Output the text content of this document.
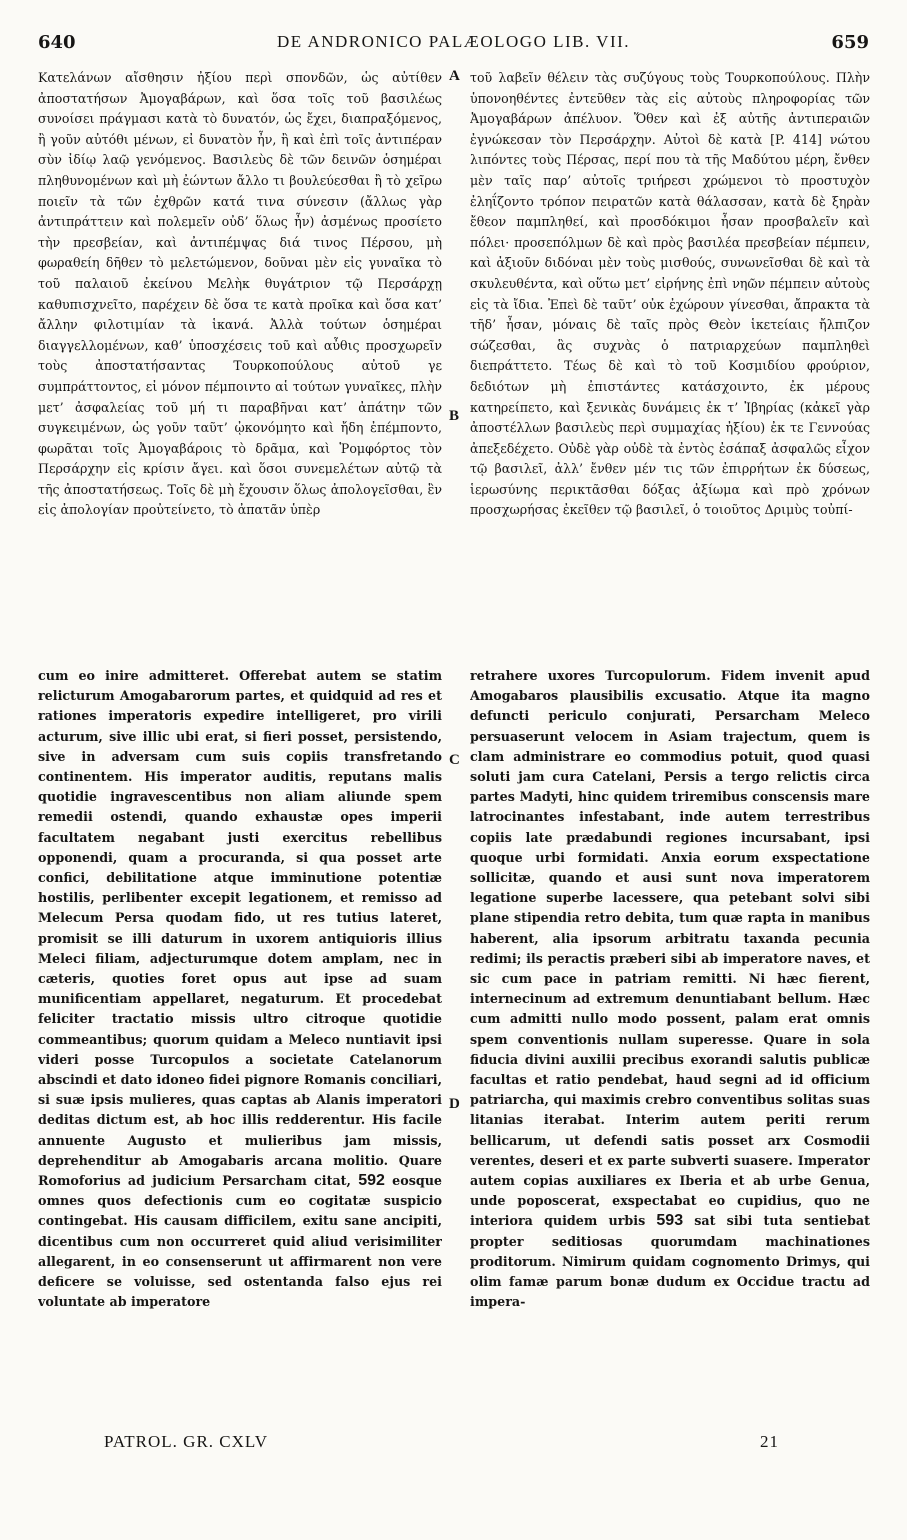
640	DE ANDRONICO PALÆOLOGO LIB. VII.	659

Κατελάνων αἴσθησιν ἠξίου περὶ σπονδῶν, ὡς αὐτίθεν ἀποστατήσων Ἀμογαβάρων, καὶ ὅσα τοῖς τοῦ βασιλέως συνοίσει πράγμασι κατὰ τὸ δυνατόν, ὡς ἔχει, διαπραξόμενος, ἢ γοῦν αὐτόθι μένων, εἰ δυνατὸν ἦν, ἢ καὶ ἐπὶ τοῖς ἀντιπέραν σὺν ἰδίῳ λαῷ γενόμενος. Βασιλεὺς δὲ τῶν δεινῶν ὁσημέραι πληθυνομένων καὶ μὴ ἐώντων ἄλλο τι βουλεύεσθαι ἢ τὸ χεῖρω ποιεῖν τὰ τῶν ἐχθρῶν κατά τινα σύνεσιν (ἄλλως γὰρ ἀντιπράττειν καὶ πολεμεῖν οὐδ’ ὅλως ἦν) ἀσμένως προσίετο τὴν πρεσβείαν, καὶ ἀντιπέμψας διά τινος Πέρσου, μὴ φωραθείη δῆθεν τὸ μελετώμενον, δοῦναι μὲν εἰς γυναῖκα τὸ τοῦ παλαιοῦ ἐκείνου Μελὴκ θυγάτριον τῷ Περσάρχῃ καθυπισχνεῖτο, παρέχειν δὲ ὅσα τε κατὰ προῖκα καὶ ὅσα κατ’ ἄλλην φιλοτιμίαν τὰ ἱκανά. Ἀλλὰ τούτων ὁσημέραι διαγγελλομένων, καθ’ ὑποσχέσεις τοῦ καὶ αὖθις προσχωρεῖν τοὺς ἀποστατήσαντας Τουρκοπούλους αὐτοῦ γε συμπράττοντος, εἰ μόνον πέμποιντο αἱ τούτων γυναῖκες, πλὴν μετ’ ἀσφαλείας τοῦ μή τι παραβῆναι κατ’ ἀπάτην τῶν συγκειμένων, ὡς γοῦν ταῦτ’ ᾠκονόμητο καὶ ἤδη ἐπέμποντο, φωρᾶται τοῖς Ἀμογαβάροις τὸ δρᾶμα, καὶ Ῥομφόρτος τὸν Περσάρχην εἰς κρίσιν ἄγει. καὶ ὅσοι συνεμελέτων αὐτῷ τὰ τῆς ἀποστατήσεως. Τοῖς δὲ μὴ ἔχουσιν ὅλως ἀπολογεῖσθαι, ἓν εἰς ἀπολογίαν προὐτείνετο, τὸ ἀπατᾶν ὑπὲρ

τοῦ λαβεῖν θέλειν τὰς συζύγους τοὺς Τουρκοπούλους. Πλὴν ὑπονοηθέντες ἐντεῦθεν τὰς εἰς αὐτοὺς πληροφορίας τῶν Ἀμογαβάρων ἀπέλυον. Ὅθεν καὶ ἐξ αὐτῆς ἀντιπεραιῶν ἐγνώκεσαν τὸν Περσάρχην. Αὐτοὶ δὲ κατὰ [P. 414] νώτου λιπόντες τοὺς Πέρσας, περί που τὰ τῆς Μαδύτου μέρη, ἔνθεν μὲν ταῖς παρ’ αὐτοῖς τριήρεσι χρώμενοι τὸ προστυχὸν ἐληΐζοντο τρόπον πειρατῶν κατὰ θάλασσαν, κατὰ δὲ ξηρὰν ἔθεον παμπληθεί, καὶ προσδόκιμοι ἦσαν προσβαλεῖν καὶ πόλει· προσεπόλμων δὲ καὶ πρὸς βασιλέα πρεσβείαν πέμπειν, καὶ ἀξιοῦν διδόναι μὲν τοὺς μισθούς, συνωνεῖσθαι δὲ καὶ τὰ σκυλευθέντα, καὶ οὕτω μετ’ εἰρήνης ἐπὶ νηῶν πέμπειν αὐτοὺς εἰς τὰ ἴδια. Ἐπεὶ δὲ ταῦτ’ οὐκ ἐχώρουν γίνεσθαι, ἄπρακτα τὰ τῆδ’ ἦσαν, μόναις δὲ ταῖς πρὸς Θεὸν ἱκετείαις ἤλπιζον σώζεσθαι, ἃς συχνὰς ὁ πατριαρχεύων παμπληθεὶ διεπράττετο. Τέως δὲ καὶ τὸ τοῦ Κοσμιδίου φρούριον, δεδιότων μὴ ἐπιστάντες κατάσχοιντο, ἐκ μέρους κατηρείπετο, καὶ ξενικὰς δυνάμεις ἐκ τ’ Ἰβηρίας (κἀκεῖ γὰρ ἀποστέλλων βασιλεὺς περὶ συμμαχίας ἠξίου) ἐκ τε Γεννούας ἀπεξεδέχετο. Οὐδὲ γὰρ οὐδὲ τὰ ἐντὸς ἐσάπαξ ἀσφαλῶς εἶχον τῷ βασιλεῖ, ἀλλ’ ἔνθεν μέν τις τῶν ἐπιρρήτων ἐκ δύσεως, ἱερωσύνης περικτᾶσθαι δόξας ἀξίωμα καὶ πρὸ χρόνων προσχωρήσας ἐκεῖθεν τῷ βασιλεῖ, ὁ τοιοῦτος Δριμὺς τοὐπί-

A
B
C
D

cum eo inire admitteret. Offerebat autem se statim relicturum Amogabarorum partes, et quidquid ad res et rationes imperatoris expedire intelligeret, pro virili acturum, sive illic ubi erat, si fieri posset, persistendo, sive in adversam cum suis copiis transfretando continentem. His imperator auditis, reputans malis quotidie ingravescentibus non aliam aliunde spem remedii ostendi, quando exhaustæ opes imperii facultatem negabant justi exercitus rebellibus opponendi, quam a procuranda, si qua posset arte confici, debilitatione atque imminutione potentiæ hostilis, perlibenter excepit legationem, et remisso ad Melecum Persa quodam fido, ut res tutius lateret, promisit se illi daturum in uxorem antiquioris illius Meleci filiam, adjecturumque dotem amplam, nec in cæteris, quoties foret opus aut ipse ad suam munificentiam appellaret, negaturum. Et procedebat feliciter tractatio missis ultro citroque quotidie commeantibus; quorum quidam a Meleco nuntiavit ipsi videri posse Turcopulos a societate Catelanorum abscindi et dato idoneo fidei pignore Romanis conciliari, si suæ ipsis mulieres, quas captas ab Alanis imperatori deditas dictum est, ab hoc illis redderentur. His facile annuente Augusto et mulieribus jam missis, deprehenditur ab Amogabaris arcana molitio. Quare Romoforius ad judicium Persarcham citat, 592 eosque omnes quos defectionis cum eo cogitatæ suspicio contingebat. His causam difficilem, exitu sane ancipiti, dicentibus cum non occurreret quid aliud verisimiliter allegarent, in eo consenserunt ut affirmarent non vere deficere se voluisse, sed ostentanda falso ejus rei voluntate ab imperatore

retrahere uxores Turcopulorum. Fidem invenit apud Amogabaros plausibilis excusatio. Atque ita magno defuncti periculo conjurati, Persarcham Meleco persuaserunt velocem in Asiam trajectum, quem is clam administrare eo commodius potuit, quod quasi soluti jam cura Catelani, Persis a tergo relictis circa partes Madyti, hinc quidem triremibus conscensis mare latrocinantes infestabant, inde autem terrestribus copiis late prædabundi regiones incursabant, ipsi quoque urbi formidati. Anxia eorum exspectatione sollicitæ, quando et ausi sunt nova imperatorem legatione superbe lacessere, qua petebant solvi sibi plane stipendia retro debita, tum quæ rapta in manibus haberent, alia ipsorum arbitratu taxanda pecunia redimi; ils peractis præberi sibi ab imperatore naves, et sic cum pace in patriam remitti. Ni hæc fierent, internecinum ad extremum denuntiabant bellum. Hæc cum admitti nullo modo possent, palam erat omnis spem conventionis nullam superesse. Quare in sola fiducia divini auxilii precibus exorandi salutis publicæ facultas et ratio pendebat, haud segni ad id officium patriarcha, qui maximis crebro conventibus solitas suas litanias iterabat. Interim autem periti rerum bellicarum, ut defendi satis posset arx Cosmodii verentes, deseri et ex parte subverti suasere. Imperator autem copias auxiliares ex Iberia et ab urbe Genua, unde poposcerat, exspectabat eo cupidius, quo ne interiora quidem urbis 593 sat sibi tuta sentiebat propter seditiosas quorumdam machinationes proditorum. Nimirum quidam cognomento Drimys, qui olim famæ parum bonæ dudum ex Occidue tractu ad impera-

PATROL. GR. CXLV	21
